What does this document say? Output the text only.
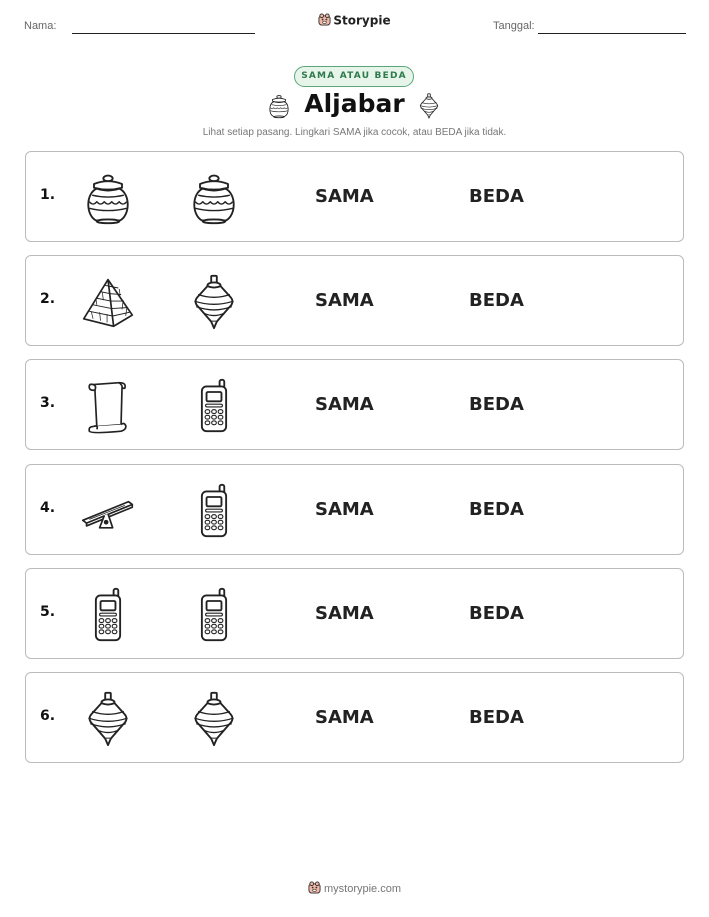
Nama:	Storypie	Tanggal:
SAMA ATAU BEDA
Aljabar
Lihat setiap pasang. Lingkari SAMA jika cocok, atau BEDA jika tidak.
1.	SAMA	BEDA
2.	SAMA	BEDA
3.	SAMA	BEDA
4.	SAMA	BEDA
5.	SAMA	BEDA
6.	SAMA	BEDA
mystorypie.com
